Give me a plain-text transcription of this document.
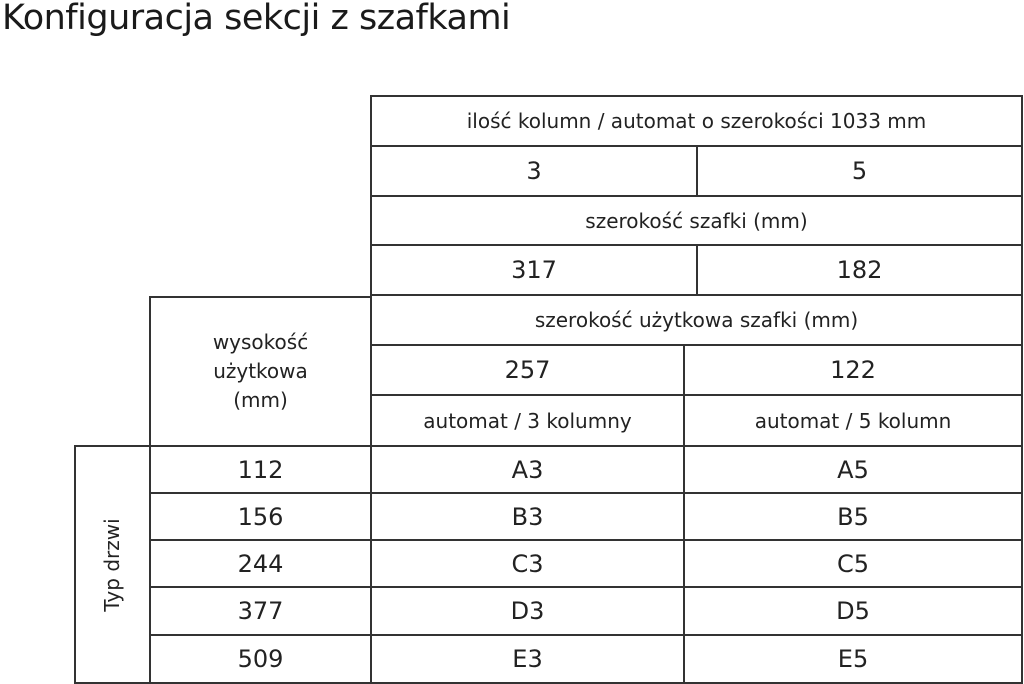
Konfiguracja sekcji z szafkami
ilość kolumn / automat o szerokości 1033 mm
3	5
szerokość szafki (mm)
317	182
wysokość
użytkowa
(mm)
szerokość użytkowa szafki (mm)
257	122
automat / 3 kolumny	automat / 5 kolumn
Typ drzwi
112	A3	A5
156	B3	B5
244	C3	C5
377	D3	D5
509	E3	E5
